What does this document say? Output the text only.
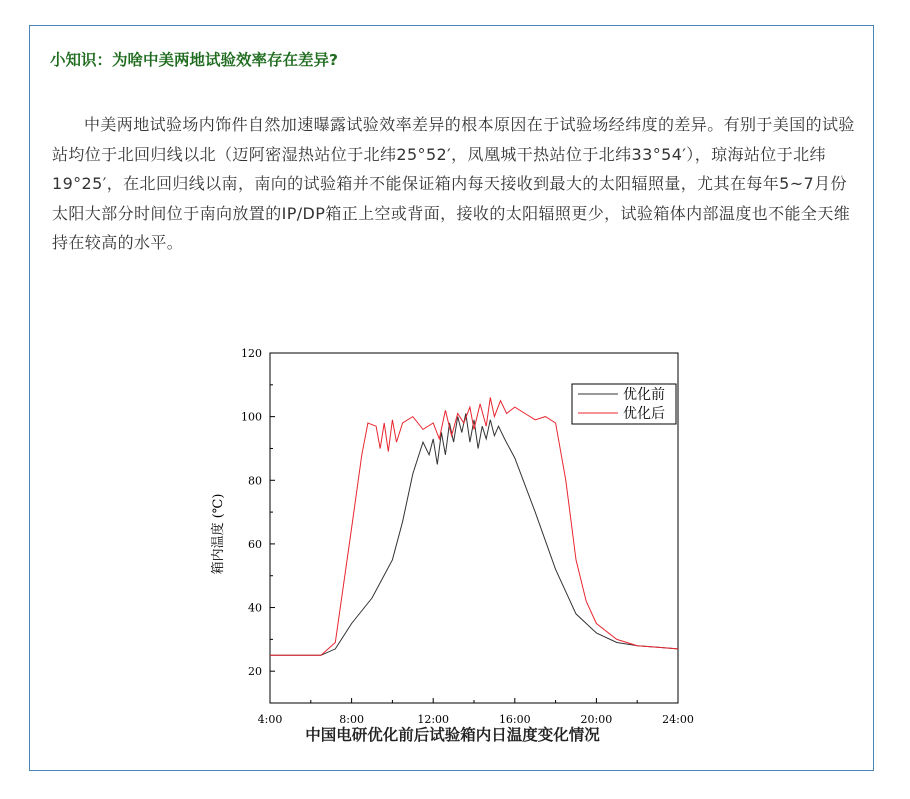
小知识：为啥中美两地试验效率存在差异?
中美两地试验场内饰件自然加速曝露试验效率差异的根本原因在于试验场经纬度的差异。有别于美国的试验站均位于北回归线以北（迈阿密湿热站位于北纬25°52′，凤凰城干热站位于北纬33°54′），琼海站位于北纬19°25′，在北回归线以南，南向的试验箱并不能保证箱内每天接收到最大的太阳辐照量，尤其在每年5~7月份太阳大部分时间位于南向放置的IP/DP箱正上空或背面，接收的太阳辐照更少，试验箱体内部温度也不能全天维持在较高的水平。
20
40
60
80
100
120
4:00	8:00	12:00	16:00	20:00	24:00
箱内温度 (℃)
优化前
优化后
中国电研优化前后试验箱内日温度变化情况
